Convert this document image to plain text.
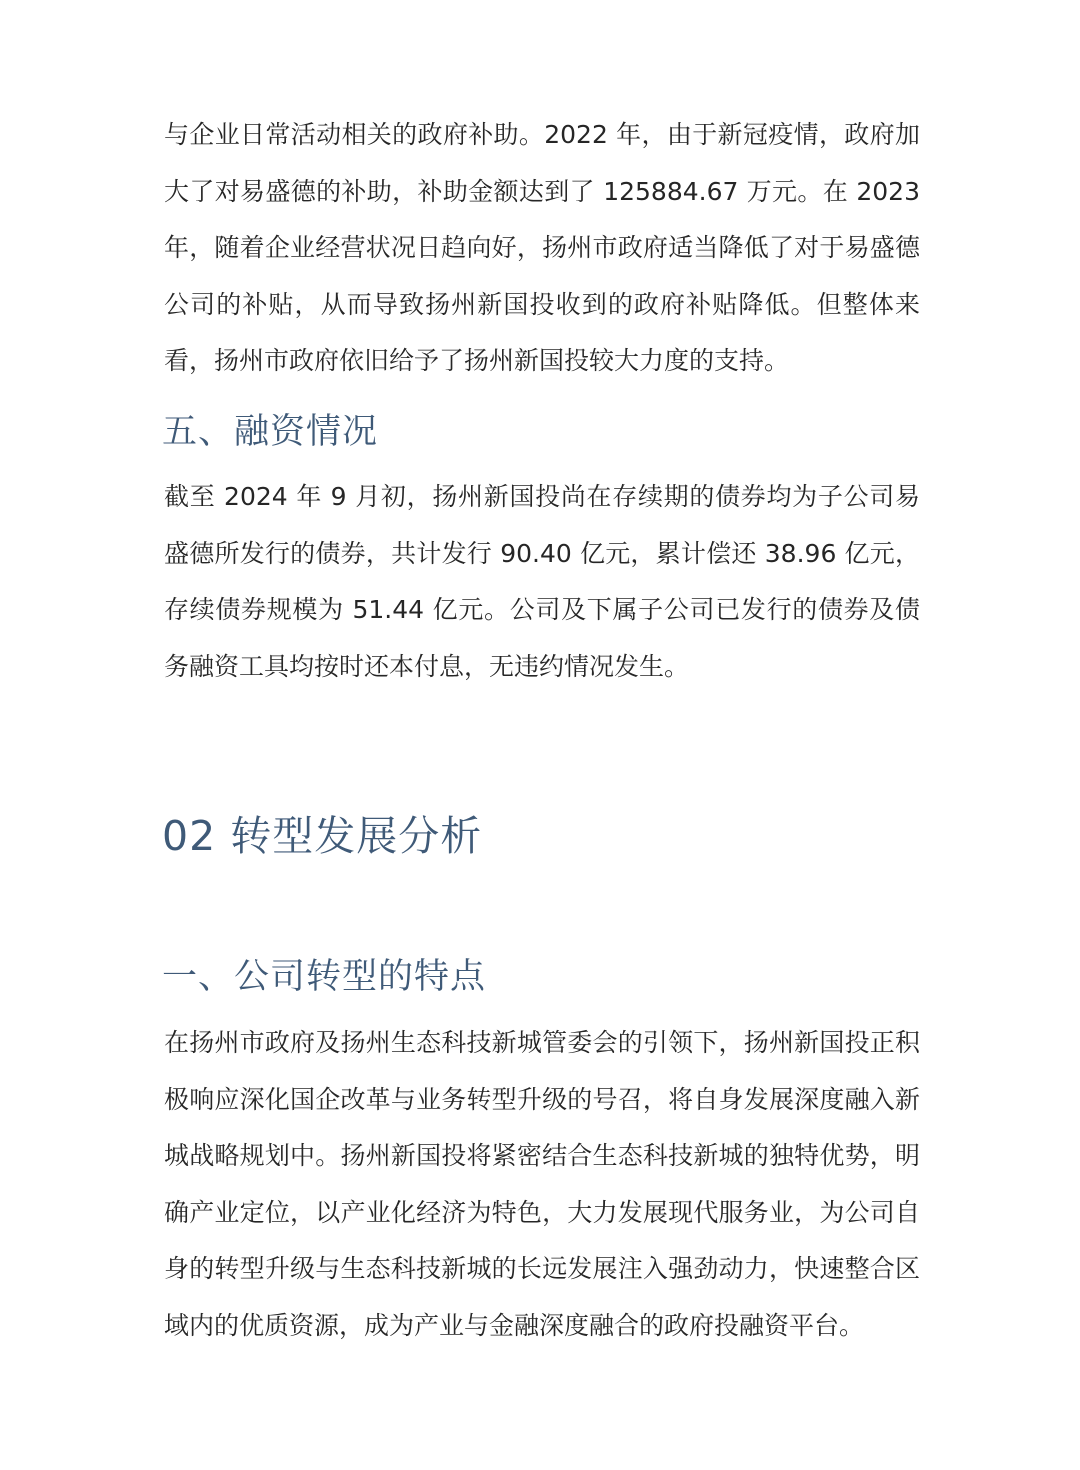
与企业日常活动相关的政府补助。2022 年，由于新冠疫情，政府加大了对易盛德的补助，补助金额达到了 125884.67 万元。在 2023 年，随着企业经营状况日趋向好，扬州市政府适当降低了对于易盛德公司的补贴，从而导致扬州新国投收到的政府补贴降低。但整体来看，扬州市政府依旧给予了扬州新国投较大力度的支持。

五、融资情况

截至 2024 年 9 月初，扬州新国投尚在存续期的债券均为子公司易盛德所发行的债券，共计发行 90.40 亿元，累计偿还 38.96 亿元，存续债券规模为 51.44 亿元。公司及下属子公司已发行的债券及债务融资工具均按时还本付息，无违约情况发生。

02 转型发展分析
一、公司转型的特点

在扬州市政府及扬州生态科技新城管委会的引领下，扬州新国投正积极响应深化国企改革与业务转型升级的号召，将自身发展深度融入新城战略规划中。扬州新国投将紧密结合生态科技新城的独特优势，明确产业定位，以产业化经济为特色，大力发展现代服务业，为公司自身的转型升级与生态科技新城的长远发展注入强劲动力，快速整合区域内的优质资源，成为产业与金融深度融合的政府投融资平台。
